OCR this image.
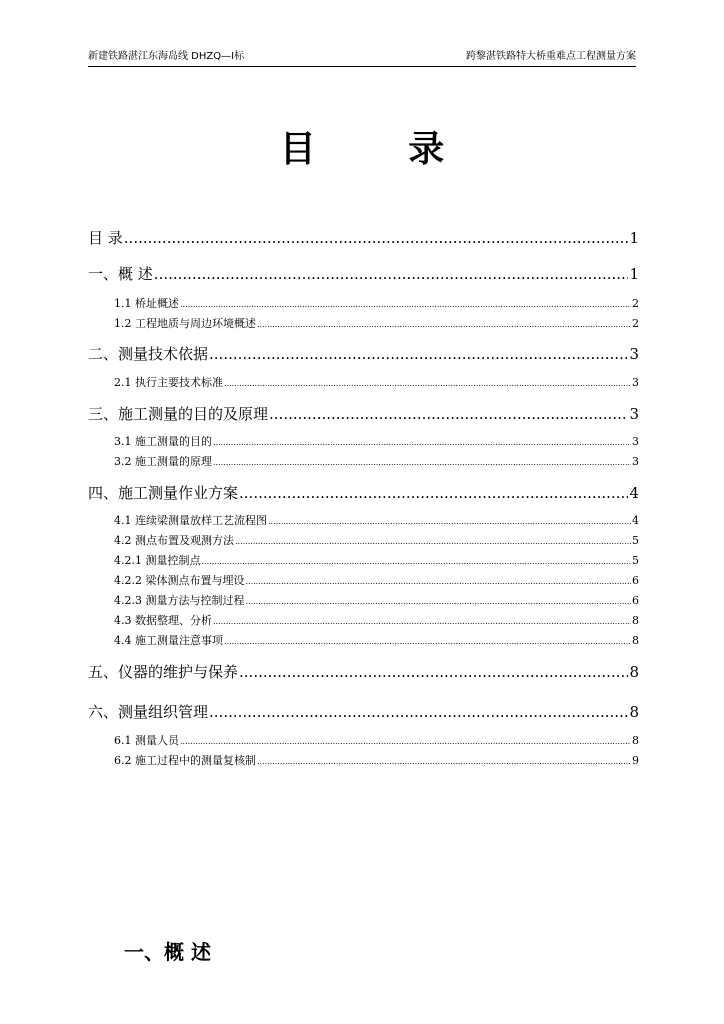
新建铁路湛江东海岛线 DHZQ—Ⅰ标	跨黎湛铁路特大桥重难点工程测量方案
目 录
目 录 .....	1
一、概 述 .....	1
1.1 桥址概述 .....	2
1.2 工程地质与周边环境概述 .....	2
二、测量技术依据 .....	3
2.1 执行主要技术标准 .....	3
三、施工测量的目的及原理 .....	3
3.1 施工测量的目的 .....	3
3.2 施工测量的原理 .....	3
四、施工测量作业方案 .....	4
4.1 连续梁测量放样工艺流程图 .....	4
4.2 测点布置及观测方法 .....	5
4.2.1 测量控制点 .....	5
4.2.2 梁体测点布置与埋设 .....	6
4.2.3 测量方法与控制过程 .....	6
4.3 数据整理、分析 .....	8
4.4 施工测量注意事项 .....	8
五、仪器的维护与保养 .....	8
六、测量组织管理 .....	8
6.1 测量人员 .....	8
6.2 施工过程中的测量复核制 .....	9
一、概 述
